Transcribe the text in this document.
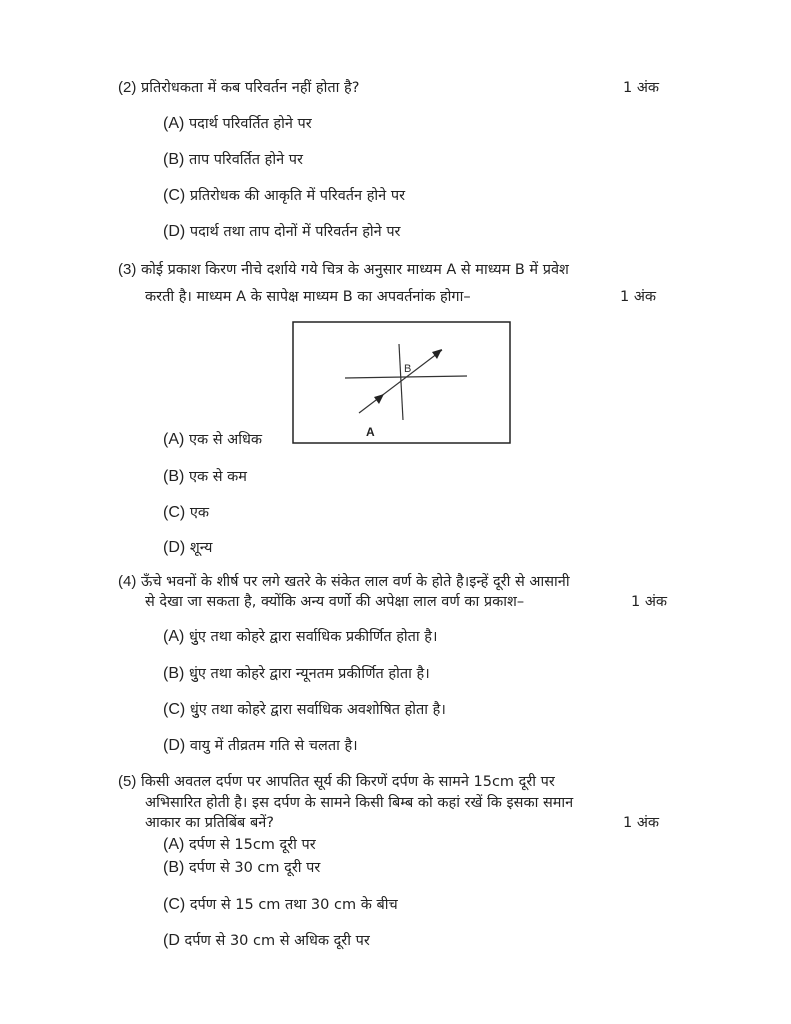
(2) प्रतिरोधकता में कब परिवर्तन नहीं होता है?	1 अंक
(A) पदार्थ परिवर्तित होने पर
(B) ताप परिवर्तित होने पर
(C) प्रतिरोधक की आकृति में परिवर्तन होने पर
(D) पदार्थ तथा ताप दोनों में परिवर्तन होने पर
(3) कोई प्रकाश किरण नीचे दर्शाये गये चित्र के अनुसार माध्यम A से माध्यम B में प्रवेश
करती है। माध्यम A के सापेक्ष माध्यम B का अपवर्तनांक होगा–	1 अंक
B
A
(A) एक से अधिक
(B) एक से कम
(C) एक
(D) शून्य
(4) ऊँचे भवनों के शीर्ष पर लगे खतरे के संकेत लाल वर्ण के होते है।इन्हें दूरी से आसानी
से देखा जा सकता है, क्योंकि अन्य वर्णो की अपेक्षा लाल वर्ण का प्रकाश–	1 अंक
(A) धुुंए तथा कोहरे द्वारा सर्वाधिक प्रकीर्णित होता है।
(B) धुुंए तथा कोहरे द्वारा न्यूनतम प्रकीर्णित होता है।
(C) धुुंए तथा कोहरे द्वारा सर्वाधिक अवशोषित होता है।
(D) वायु में तीव्रतम गति से चलता है।
(5) किसी अवतल दर्पण पर आपतित सूर्य की किरणें दर्पण के सामने 15cm दूरी पर
अभिसारित होती है। इस दर्पण के सामने किसी बिम्ब को कहां रखें कि इसका समान
आकार का प्रतिबिंब बनें?	1 अंक
(A) दर्पण से 15cm दूरी पर
(B) दर्पण से 30 cm दूरी पर
(C) दर्पण से 15 cm तथा 30 cm के बीच
(D दर्पण से 30 cm से अधिक दूरी पर
